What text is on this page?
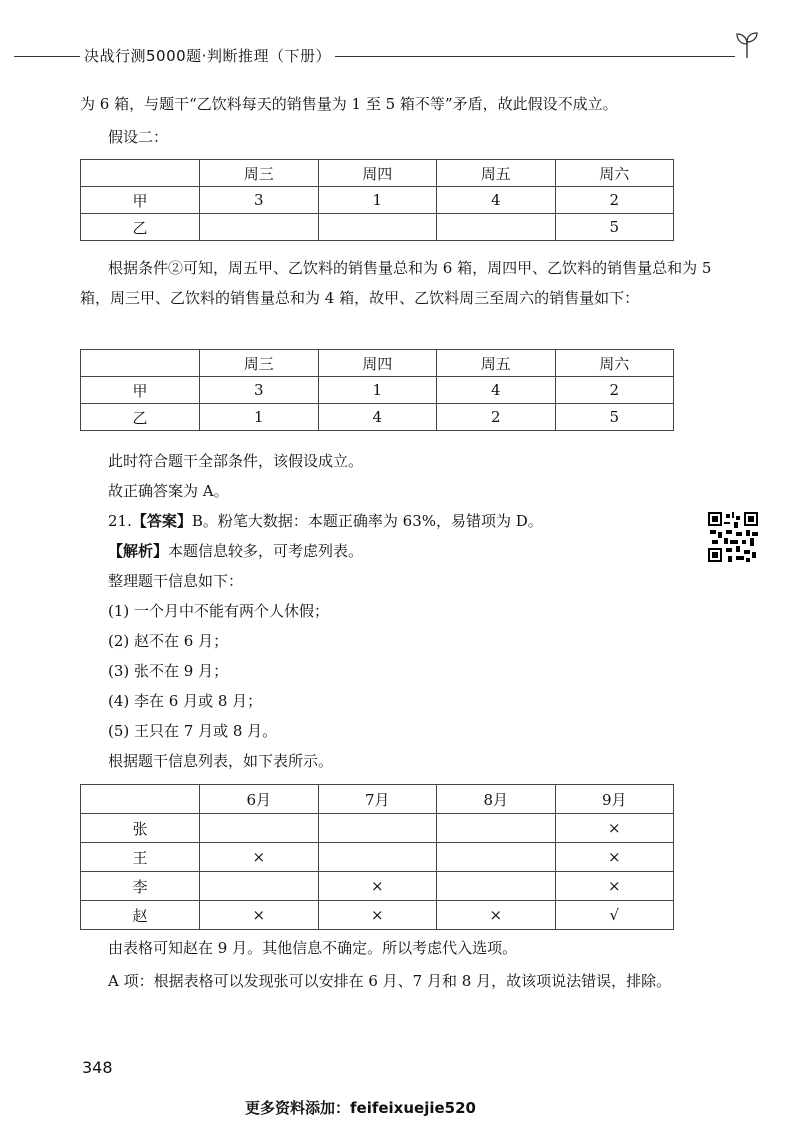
决战行测5000题·判断推理（下册）
为 6 箱，与题干“乙饮料每天的销售量为 1 至 5 箱不等”矛盾，故此假设不成立。
假设二：
	周三	周四	周五	周六
甲	3	1	4	2
乙				5
根据条件②可知，周五甲、乙饮料的销售量总和为 6 箱，周四甲、乙饮料的销售量总和为 5 箱，周三甲、乙饮料的销售量总和为 4 箱，故甲、乙饮料周三至周六的销售量如下：
	周三	周四	周五	周六
甲	3	1	4	2
乙	1	4	2	5
此时符合题干全部条件，该假设成立。
故正确答案为 A。
21.【答案】B。粉笔大数据：本题正确率为 63%，易错项为 D。
【解析】本题信息较多，可考虑列表。
整理题干信息如下：
(1) 一个月中不能有两个人休假；
(2) 赵不在 6 月；
(3) 张不在 9 月；
(4) 李在 6 月或 8 月；
(5) 王只在 7 月或 8 月。
根据题干信息列表，如下表所示。
	6月	7月	8月	9月
张				×
王	×			×
李		×		×
赵	×	×	×	√
由表格可知赵在 9 月。其他信息不确定。所以考虑代入选项。
A 项：根据表格可以发现张可以安排在 6 月、7 月和 8 月，故该项说法错误，排除。
348
更多资料添加：feifeixuejie520
